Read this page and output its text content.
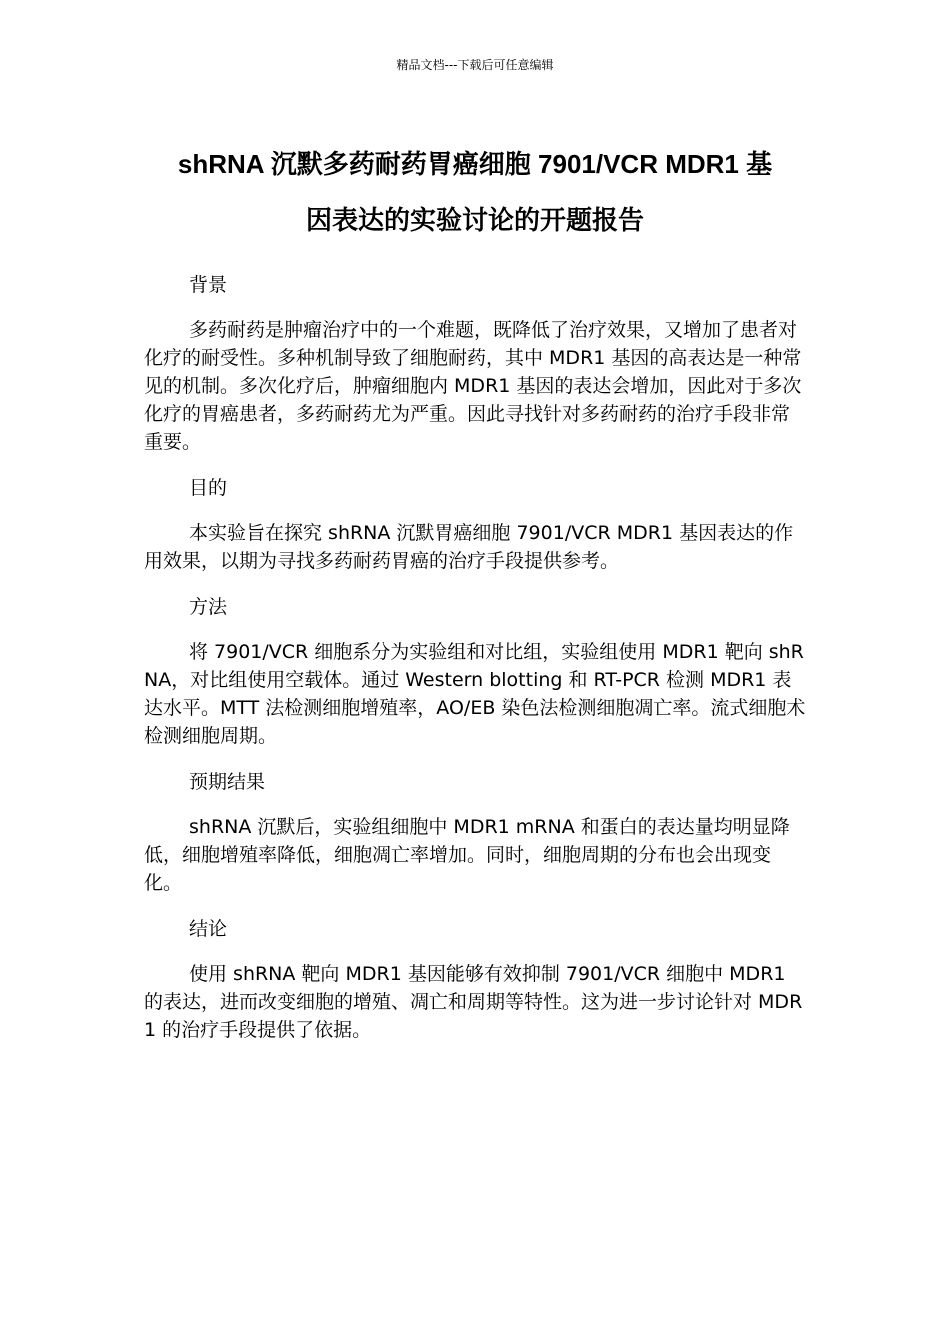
精品文档---下载后可任意编辑
shRNA 沉默多药耐药胃癌细胞 7901/VCR MDR1 基
因表达的实验讨论的开题报告

背景

多药耐药是肿瘤治疗中的一个难题，既降低了治疗效果，又增加了患者对化疗的耐受性。多种机制导致了细胞耐药，其中 MDR1 基因的高表达是一种常见的机制。多次化疗后，肿瘤细胞内 MDR1 基因的表达会增加，因此对于多次化疗的胃癌患者，多药耐药尤为严重。因此寻找针对多药耐药的治疗手段非常重要。

目的

本实验旨在探究 shRNA 沉默胃癌细胞 7901/VCR MDR1 基因表达的作用效果，以期为寻找多药耐药胃癌的治疗手段提供参考。

方法

将 7901/VCR 细胞系分为实验组和对比组，实验组使用 MDR1 靶向 shRNA，对比组使用空载体。通过 Western blotting 和 RT-PCR 检测 MDR1 表达水平。MTT 法检测细胞增殖率，AO/EB 染色法检测细胞凋亡率。流式细胞术检测细胞周期。

预期结果

shRNA 沉默后，实验组细胞中 MDR1 mRNA 和蛋白的表达量均明显降低，细胞增殖率降低，细胞凋亡率增加。同时，细胞周期的分布也会出现变化。

结论

使用 shRNA 靶向 MDR1 基因能够有效抑制 7901/VCR 细胞中 MDR1 的表达，进而改变细胞的增殖、凋亡和周期等特性。这为进一步讨论针对 MDR1 的治疗手段提供了依据。
